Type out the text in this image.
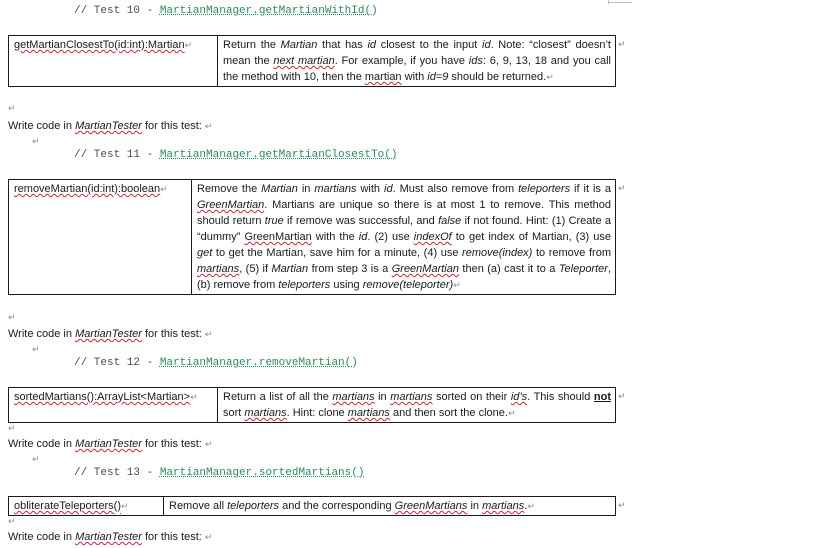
// Test 10 - MartianManager.getMartianWithId()
getMartianClosestTo(id:int):Martian↵	Return the Martian that has id closest to the input id. Note: “closest” doesn’t mean the next martian. For example, if you have ids: 6, 9, 13, 18 and you call the method with 10, then the martian with id=9 should be returned.↵
↵
↵
Write code in MartianTester for this test: ↵
↵
// Test 11 - MartianManager.getMartianClosestTo()
removeMartian(id:int):boolean↵	Remove the Martian in martians with id. Must also remove from teleporters if it is a GreenMartian. Martians are unique so there is at most 1 to remove. This method should return true if remove was successful, and false if not found. Hint: (1) Create a “dummy” GreenMartian with the id. (2) use indexOf to get index of Martian, (3) use get to get the Martian, save him for a minute, (4) use remove(index) to remove from martians, (5) if Martian from step 3 is a GreenMartian then (a) cast it to a Teleporter, (b) remove from teleporters using remove(teleporter)↵
↵
↵
Write code in MartianTester for this test: ↵
↵
// Test 12 - MartianManager.removeMartian()
sortedMartians():ArrayList<Martian>↵	Return a list of all the martians in martians sorted on their id’s. This should not sort martians. Hint: clone martians and then sort the clone.↵
↵
↵
Write code in MartianTester for this test: ↵
↵
// Test 13 - MartianManager.sortedMartians()
obliterateTeleporters()↵	Remove all teleporters and the corresponding GreenMartians in martians.↵	↵
↵
Write code in MartianTester for this test: ↵
